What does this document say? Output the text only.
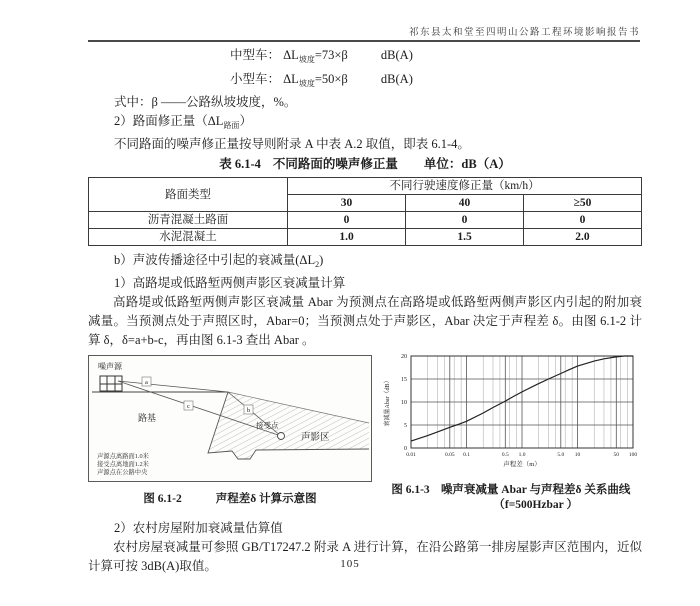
祁东县太和堂至四明山公路工程环境影响报告书
中型车： $\Delta L_{坡度}=73\times\beta$	dB(A)
小型车： $\Delta L_{坡度}=50\times\beta$	dB(A)
式中：β ——公路纵坡坡度，%。
2）路面修正量$(\Delta L_{路面})$
不同路面的噪声修正量按导则附录 A 中表 A.2 取值，即表 6.1-4。
表 6.1-4 不同路面的噪声修正量 单位：dB（A）
路面类型	不同行驶速度修正量（km/h）		
	30	40	≥50
沥青混凝土路面	0	0	0
水泥混凝土	1.0	1.5	2.0
b）声波传播途径中引起的衰减量$(\Delta L_2)$
1）高路堤或低路堑两侧声影区衰减量计算
高路堤或低路堑两侧声影区衰减量 Abar 为预测点在高路堤或低路堑两侧声影区内引起的附加衰减量。当预测点处于声照区时，Abar=0；当预测点处于声影区，Abar 决定于声程差 δ。由图 6.1-2 计算 δ，δ=a+b-c，再由图 6.1-3 查出 Abar 。
噪声源
a
c
b
路基
接受点
声影区
声源点离路面1.0米
接受点离地面1.2米
声源点在公路中央
图 6.1-2	声程差δ 计算示意图
0
5
10
15
20
0.01	0.05 0.1	0.5 1.0	5.0 10	50 100
声程差（m）
衰减量Abar（dB）
图 6.1-3 噪声衰减量 Abar 与声程差δ 关系曲线（f=500Hzbar ）
2）农村房屋附加衰减量估算值
农村房屋衰减量可参照 GB/T17247.2 附录 A 进行计算，在沿公路第一排房屋影声区范围内，近似计算可按 3dB(A)取值。	105
